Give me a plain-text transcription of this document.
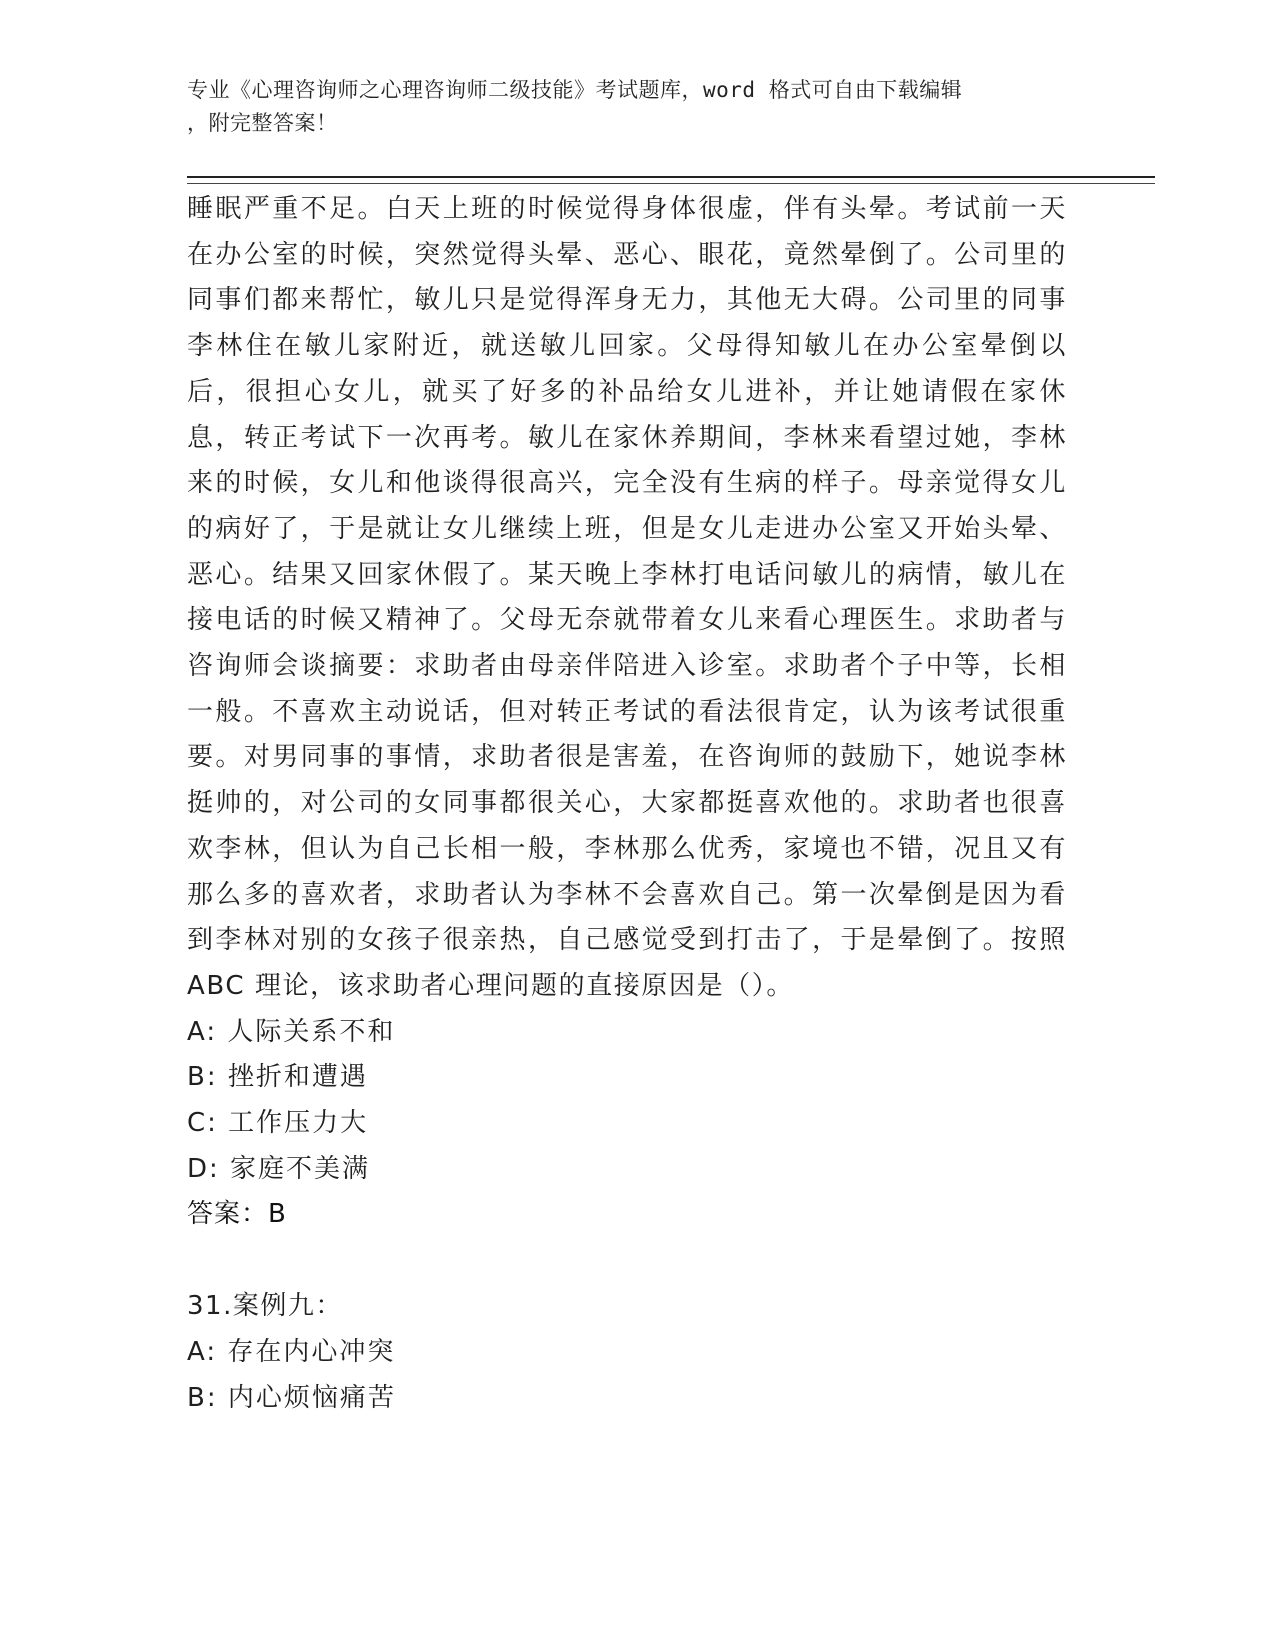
专业《心理咨询师之心理咨询师二级技能》考试题库，word 格式可自由下载编辑
，附完整答案！

睡眠严重不足。白天上班的时候觉得身体很虚，伴有头晕。考试前一天在办公室的时候，突然觉得头晕、恶心、眼花，竟然晕倒了。公司里的同事们都来帮忙，敏儿只是觉得浑身无力，其他无大碍。公司里的同事李林住在敏儿家附近，就送敏儿回家。父母得知敏儿在办公室晕倒以后，很担心女儿，就买了好多的补品给女儿进补，并让她请假在家休息，转正考试下一次再考。敏儿在家休养期间，李林来看望过她，李林来的时候，女儿和他谈得很高兴，完全没有生病的样子。母亲觉得女儿的病好了，于是就让女儿继续上班，但是女儿走进办公室又开始头晕、恶心。结果又回家休假了。某天晚上李林打电话问敏儿的病情，敏儿在接电话的时候又精神了。父母无奈就带着女儿来看心理医生。求助者与咨询师会谈摘要：求助者由母亲伴陪进入诊室。求助者个子中等，长相一般。不喜欢主动说话，但对转正考试的看法很肯定，认为该考试很重要。对男同事的事情，求助者很是害羞，在咨询师的鼓励下，她说李林挺帅的，对公司的女同事都很关心，大家都挺喜欢他的。求助者也很喜欢李林，但认为自己长相一般，李林那么优秀，家境也不错，况且又有那么多的喜欢者，求助者认为李林不会喜欢自己。第一次晕倒是因为看到李林对别的女孩子很亲热，自己感觉受到打击了，于是晕倒了。按照 ABC 理论，该求助者心理问题的直接原因是（）。

A: 人际关系不和

B: 挫折和遭遇

C: 工作压力大

D: 家庭不美满

答案：B

31.案例九：

A: 存在内心冲突

B: 内心烦恼痛苦
